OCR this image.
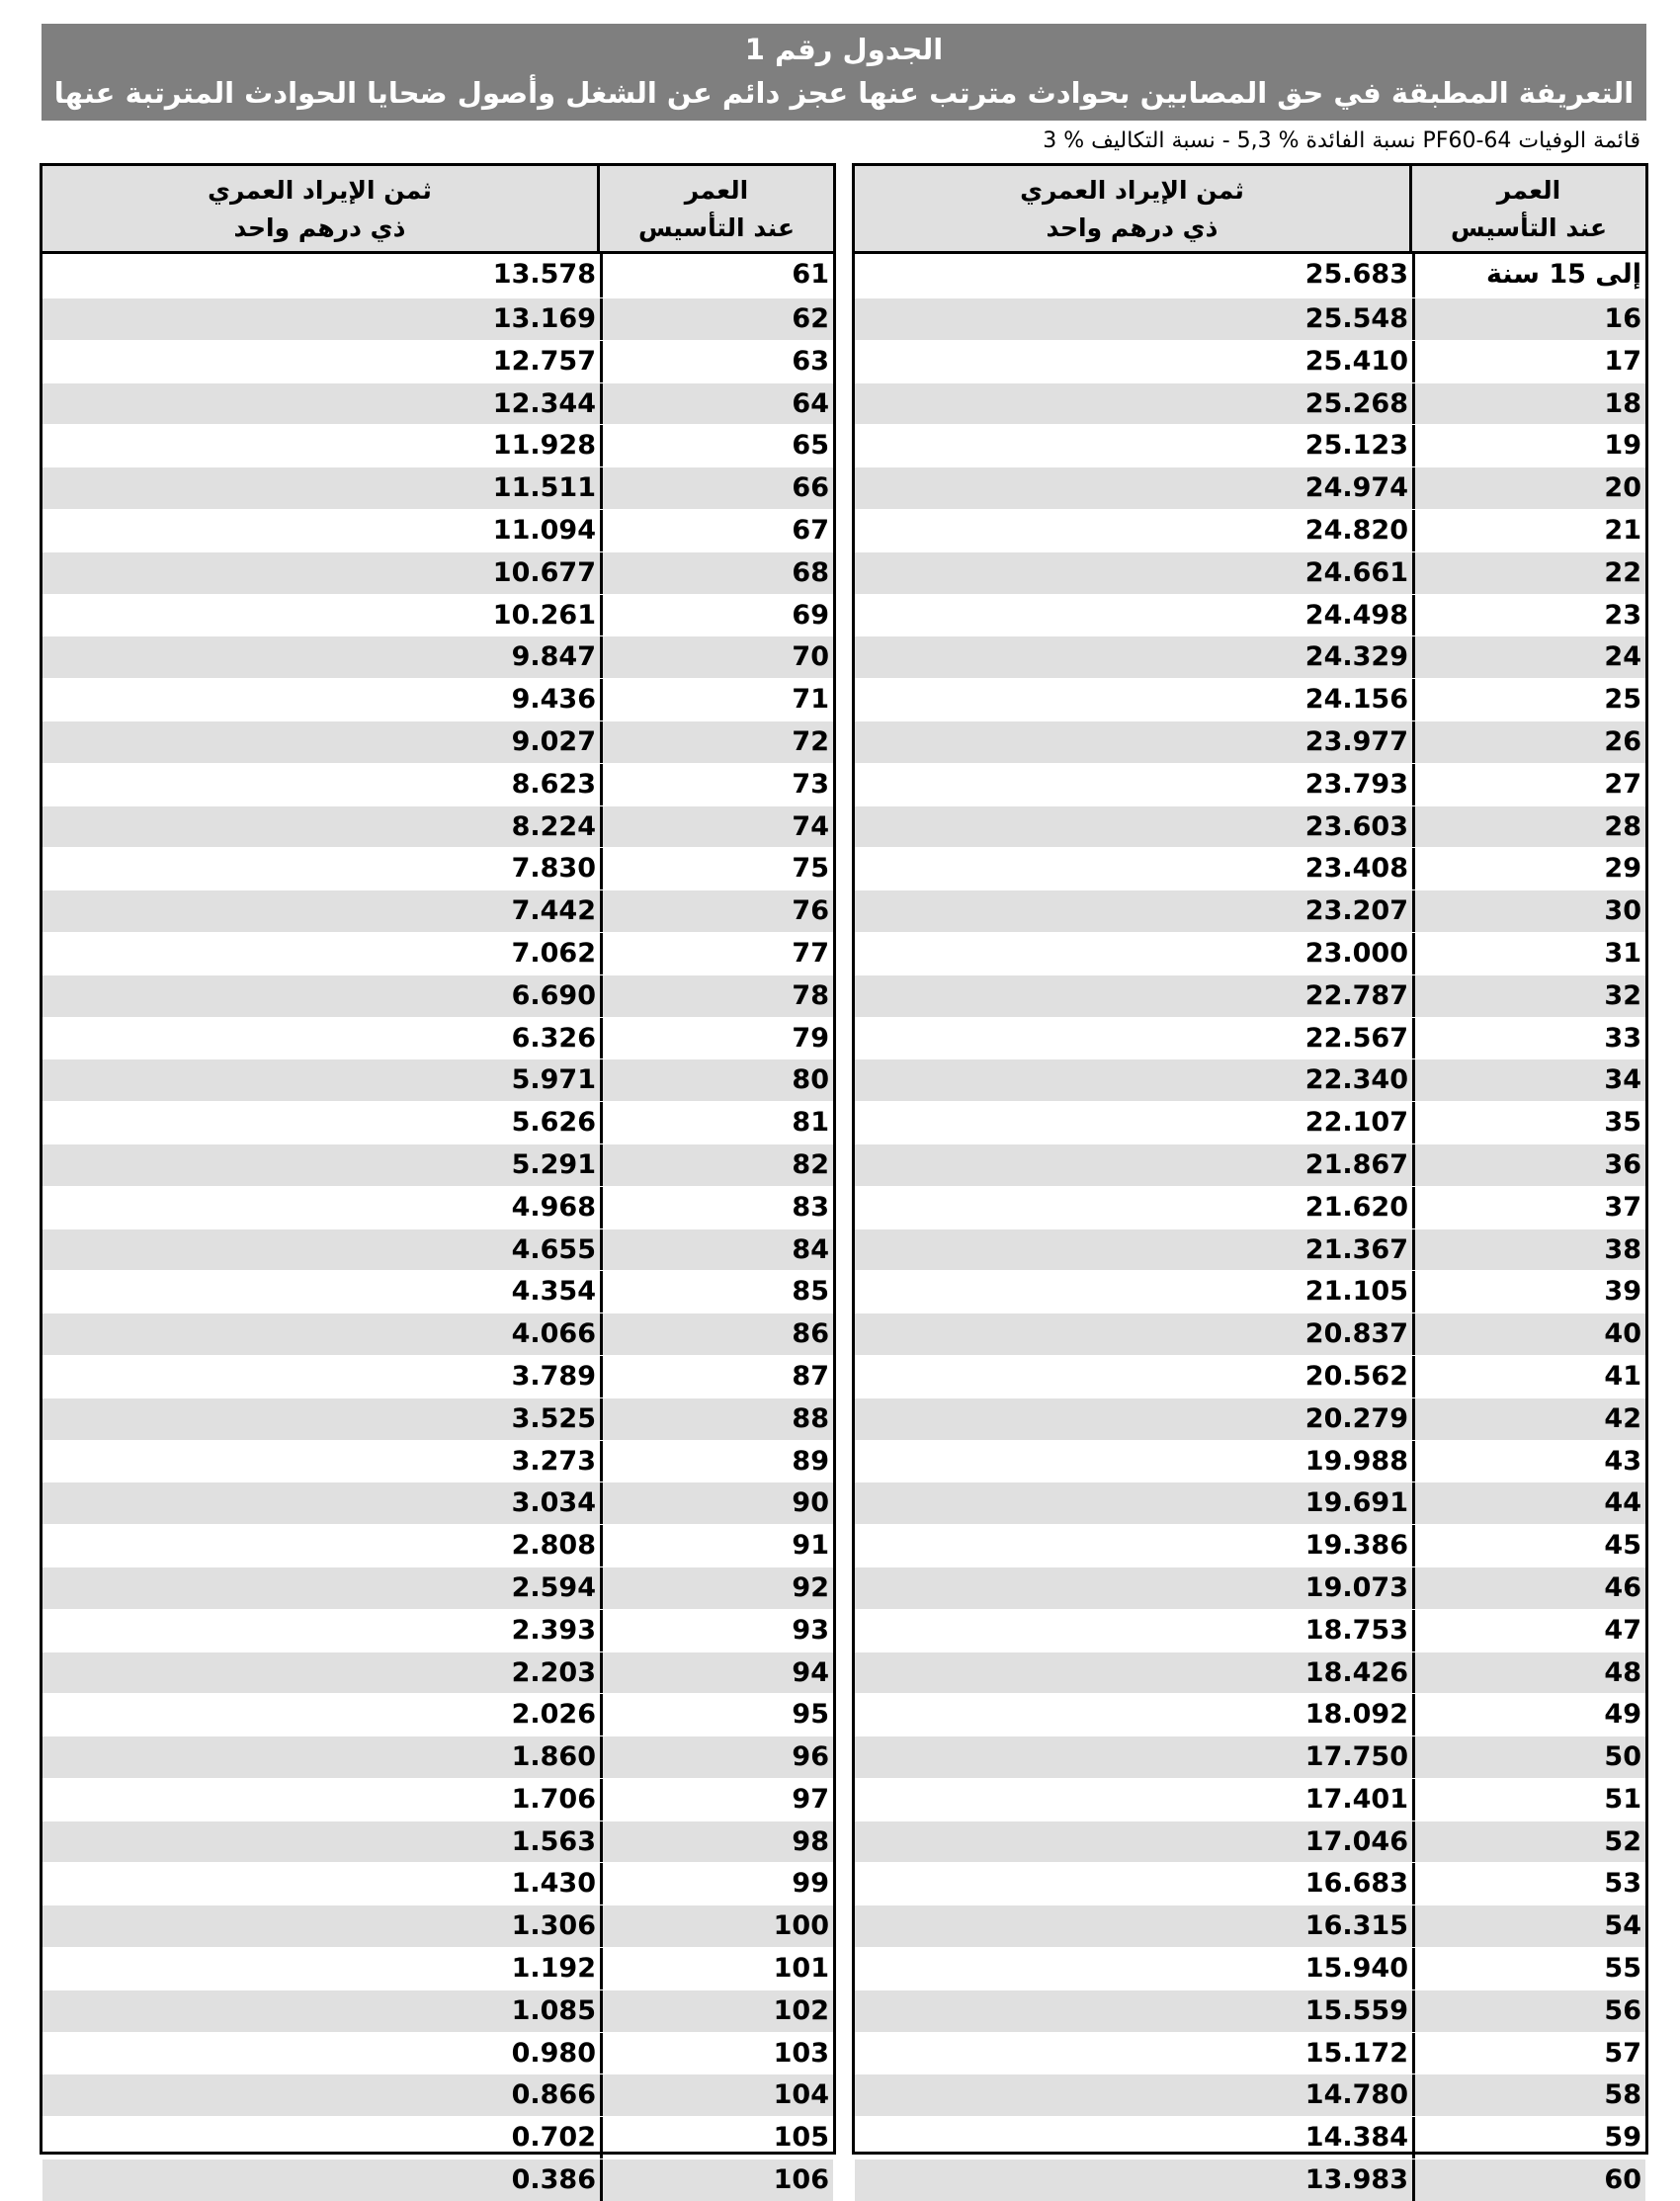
الجدول رقم 1
التعريفة المطبقة في حق المصابين بحوادث مترتب عنها عجز دائم عن الشغل وأصول ضحايا الحوادث المترتبة عنها وفاة	قائمة الوفيات PF60-64 نسبة الفائدة % 5,3 - نسبة التكاليف % 3
العمر
عند التأسيس
ثمن الإيراد العمري
ذي درهم واحد
إلى 15 سنة
25.683
16
25.548
17
25.410
18
25.268
19
25.123
20
24.974
21
24.820
22
24.661
23
24.498
24
24.329
25
24.156
26
23.977
27
23.793
28
23.603
29
23.408
30
23.207
31
23.000
32
22.787
33
22.567
34
22.340
35
22.107
36
21.867
37
21.620
38
21.367
39
21.105
40
20.837
41
20.562
42
20.279
43
19.988
44
19.691
45
19.386
46
19.073
47
18.753
48
18.426
49
18.092
50
17.750
51
17.401
52
17.046
53
16.683
54
16.315
55
15.940
56
15.559
57
15.172
58
14.780
59
14.384
60
13.983
العمر
عند التأسيس
ثمن الإيراد العمري
ذي درهم واحد
61
13.578
62
13.169
63
12.757
64
12.344
65
11.928
66
11.511
67
11.094
68
10.677
69
10.261
70
9.847
71
9.436
72
9.027
73
8.623
74
8.224
75
7.830
76
7.442
77
7.062
78
6.690
79
6.326
80
5.971
81
5.626
82
5.291
83
4.968
84
4.655
85
4.354
86
4.066
87
3.789
88
3.525
89
3.273
90
3.034
91
2.808
92
2.594
93
2.393
94
2.203
95
2.026
96
1.860
97
1.706
98
1.563
99
1.430
100
1.306
101
1.192
102
1.085
103
0.980
104
0.866
105
0.702
106
0.386
